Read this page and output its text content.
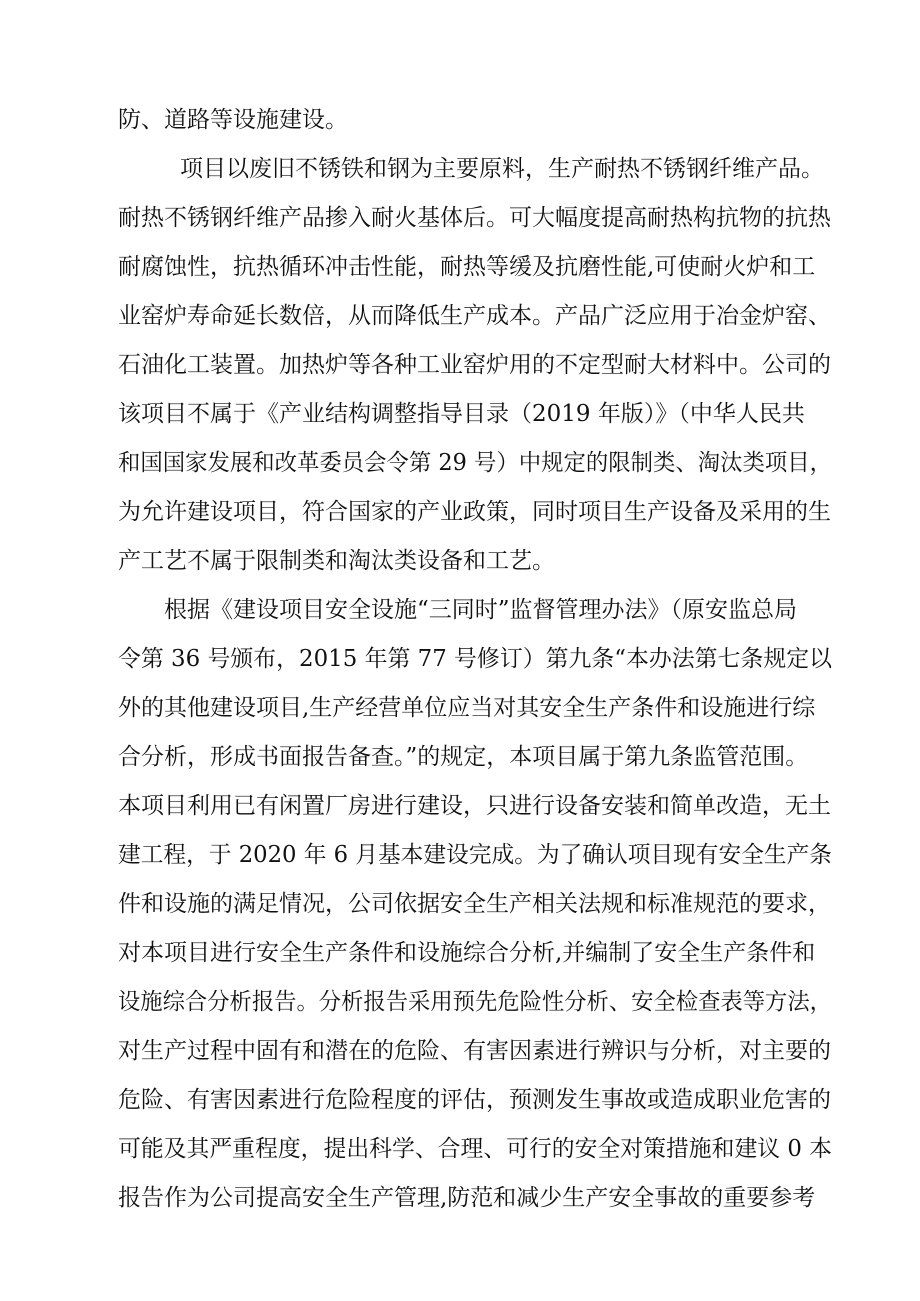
防、道路等设施建设。

项目以废旧不锈铁和钢为主要原料，生产耐热不锈钢纤维产品。

耐热不锈钢纤维产品掺入耐火基体后。可大幅度提高耐热构抗物的抗热

耐腐蚀性，抗热循环冲击性能，耐热等缓及抗磨性能,可使耐火炉和工

业窑炉寿命延长数倍，从而降低生产成本。产品广泛应用于冶金炉窑、

石油化工装置。加热炉等各种工业窑炉用的不定型耐大材料中。公司的

该项目不属于《产业结构调整指导目录（2019 年版）》（中华人民共

和国国家发展和改革委员会令第 29 号）中规定的限制类、淘汰类项目，

为允许建设项目，符合国家的产业政策，同时项目生产设备及采用的生

产工艺不属于限制类和淘汰类设备和工艺。

根据《建设项目安全设施“三同时”监督管理办法》（原安监总局

令第 36 号颁布，2015 年第 77 号修订）第九条“本办法第七条规定以

外的其他建设项目,生产经营单位应当对其安全生产条件和设施进行综

合分析，形成书面报告备查。”的规定，本项目属于第九条监管范围。

本项目利用已有闲置厂房进行建设，只进行设备安装和简单改造，无土

建工程，于 2020 年 6 月基本建设完成。为了确认项目现有安全生产条

件和设施的满足情况，公司依据安全生产相关法规和标准规范的要求，

对本项目进行安全生产条件和设施综合分析,并编制了安全生产条件和

设施综合分析报告。分析报告采用预先危险性分析、安全检查表等方法，

对生产过程中固有和潜在的危险、有害因素进行辨识与分析，对主要的

危险、有害因素进行危险程度的评估，预测发生事故或造成职业危害的

可能及其严重程度，提出科学、合理、可行的安全对策措施和建议 0 本

报告作为公司提高安全生产管理,防范和减少生产安全事故的重要参考
